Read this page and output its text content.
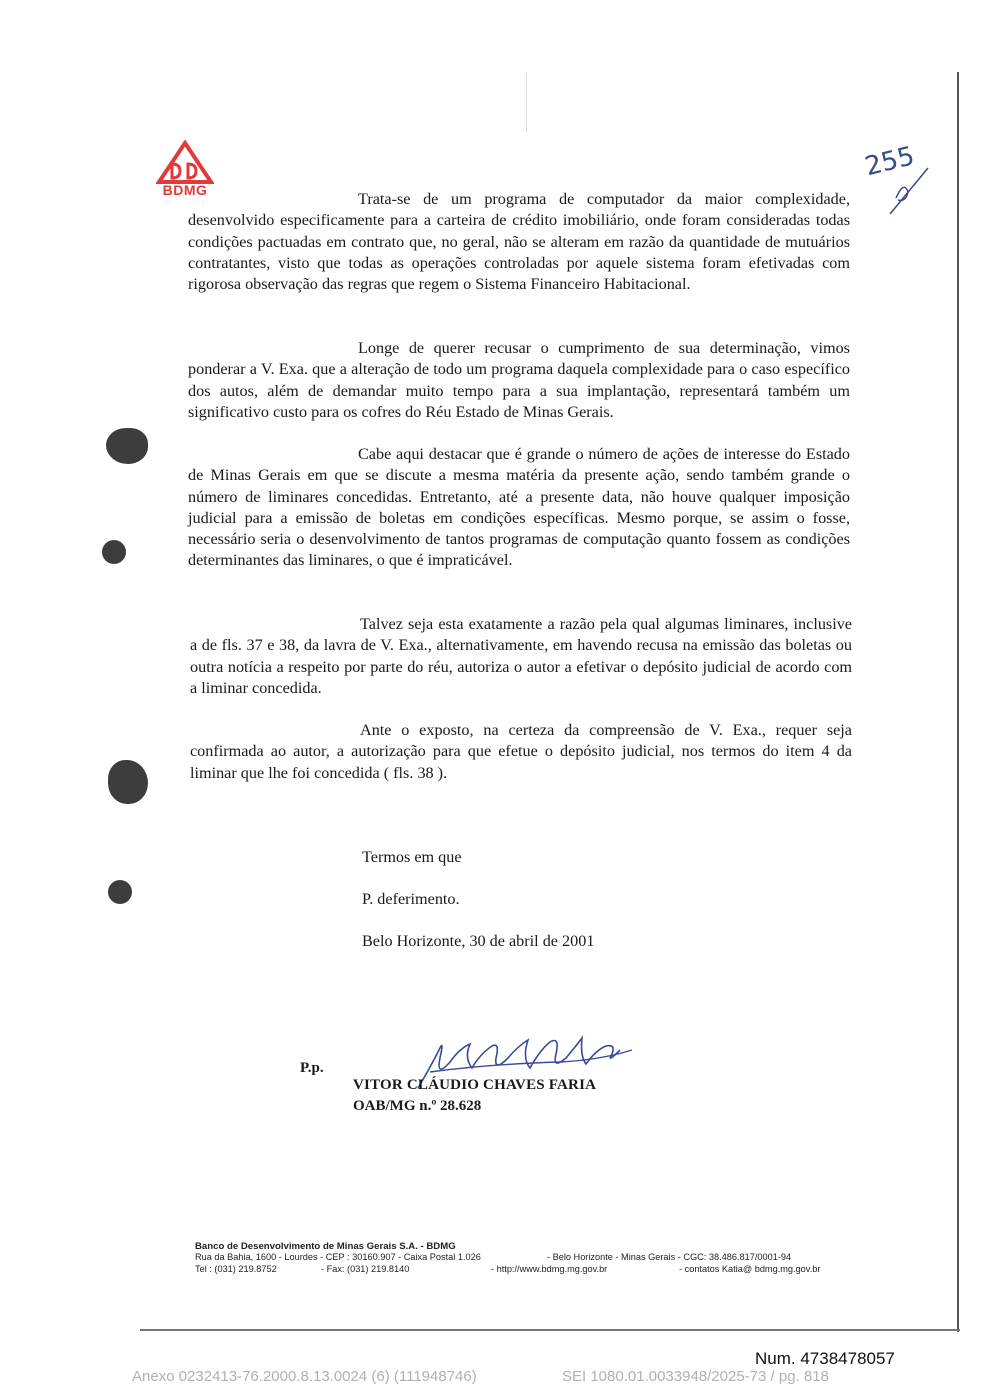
BDMG
255

Trata-se de um programa de computador da maior complexidade, desenvolvido especificamente para a carteira de crédito imobiliário, onde foram consideradas todas condições pactuadas em contrato que, no geral, não se alteram em razão da quantidade de mutuários contratantes, visto que todas as operações controladas por aquele sistema foram efetivadas com rigorosa observação das regras que regem o Sistema Financeiro Habitacional.

Longe de querer recusar o cumprimento de sua determinação, vimos ponderar a V. Exa. que a alteração de todo um programa daquela complexidade para o caso específico dos autos, além de demandar muito tempo para a sua implantação, representará também um significativo custo para os cofres do Réu Estado de Minas Gerais.

Cabe aqui destacar que é grande o número de ações de interesse do Estado de Minas Gerais em que se discute a mesma matéria da presente ação, sendo também grande o número de liminares concedidas. Entretanto, até a presente data, não houve qualquer imposição judicial para a emissão de boletas em condições específicas. Mesmo porque, se assim o fosse, necessário seria o desenvolvimento de tantos programas de computação quanto fossem as condições determinantes das liminares, o que é impraticável.

Talvez seja esta exatamente a razão pela qual algumas liminares, inclusive a de fls. 37 e 38, da lavra de V. Exa., alternativamente, em havendo recusa na emissão das boletas ou outra notícia a respeito por parte do réu, autoriza o autor a efetivar o depósito judicial de acordo com a liminar concedida.

Ante o exposto, na certeza da compreensão de V. Exa., requer seja confirmada ao autor, a autorização para que efetue o depósito judicial, nos termos do item 4 da liminar que lhe foi concedida ( fls. 38 ).

Termos em que
P. deferimento.
Belo Horizonte, 30 de abril de 2001
P.p.
VITOR CLÁUDIO CHAVES FARIA
OAB/MG n.º 28.628
Banco de Desenvolvimento de Minas Gerais S.A. - BDMG
Rua da Bahia, 1600 - Lourdes - CEP : 30160.907 - Caixa Postal 1.026	- Belo Horizonte - Minas Gerais - CGC: 38.486.817/0001-94
Tel : (031) 219.8752	- Fax: (031) 219.8140	- http://www.bdmg.mg.gov.br	- contatos Katia@ bdmg.mg.gov.br
Num. 4738478057
Anexo 0232413-76.2000.8.13.0024 (6) (111948746)	SEI 1080.01.0033948/2025-73 / pg. 818
